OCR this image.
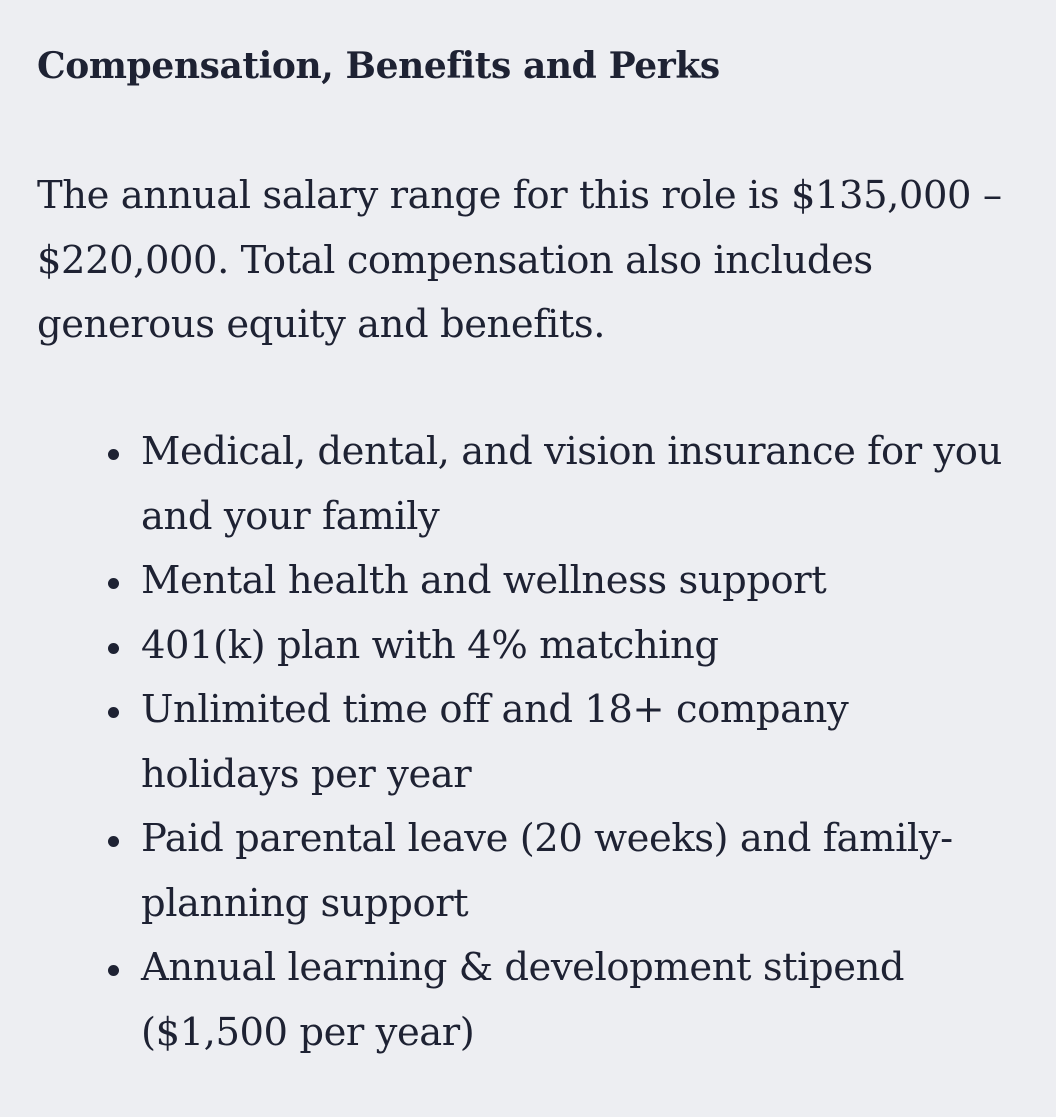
Compensation, Benefits and Perks

The annual salary range for this role is $135,000 – $220,000. Total compensation also includes generous equity and benefits.

Medical, dental, and vision insurance for you and your family
Mental health and wellness support
401(k) plan with 4% matching
Unlimited time off and 18+ company holidays per year
Paid parental leave (20 weeks) and family-planning support
Annual learning & development stipend ($1,500 per year)
